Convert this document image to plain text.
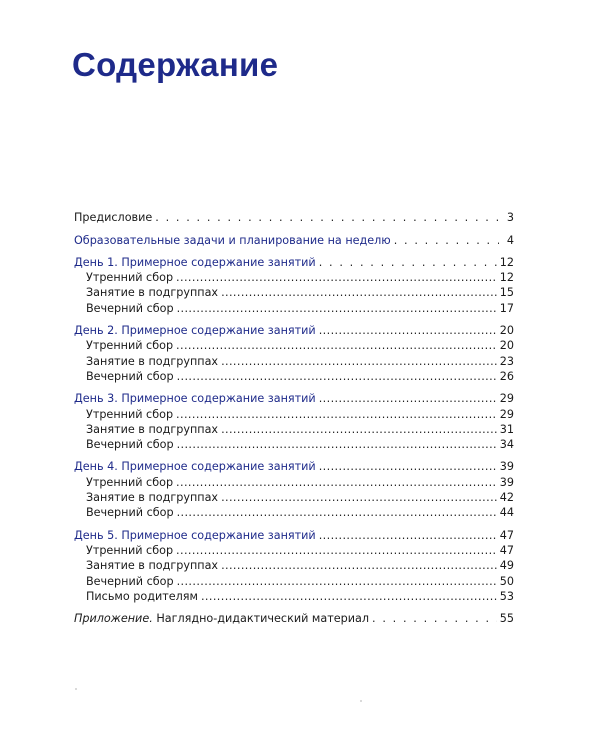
Содержание
Предисловие . . .	3
Образовательные задачи и планирование на неделю . . .	4
День 1. Примерное содержание занятий . . .	12
Утренний сбор .....	12
Занятие в подгруппах .....	15
Вечерний сбор .....	17
День 2. Примерное содержание занятий .....	20
Утренний сбор .....	20
Занятие в подгруппах .....	23
Вечерний сбор .....	26
День 3. Примерное содержание занятий .....	29
Утренний сбор .....	29
Занятие в подгруппах .....	31
Вечерний сбор .....	34
День 4. Примерное содержание занятий .....	39
Утренний сбор .....	39
Занятие в подгруппах .....	42
Вечерний сбор .....	44
День 5. Примерное содержание занятий .....	47
Утренний сбор .....	47
Занятие в подгруппах .....	49
Вечерний сбор .....	50
Письмо родителям .....	53
Приложение. Наглядно-дидактический материал . . .	55
